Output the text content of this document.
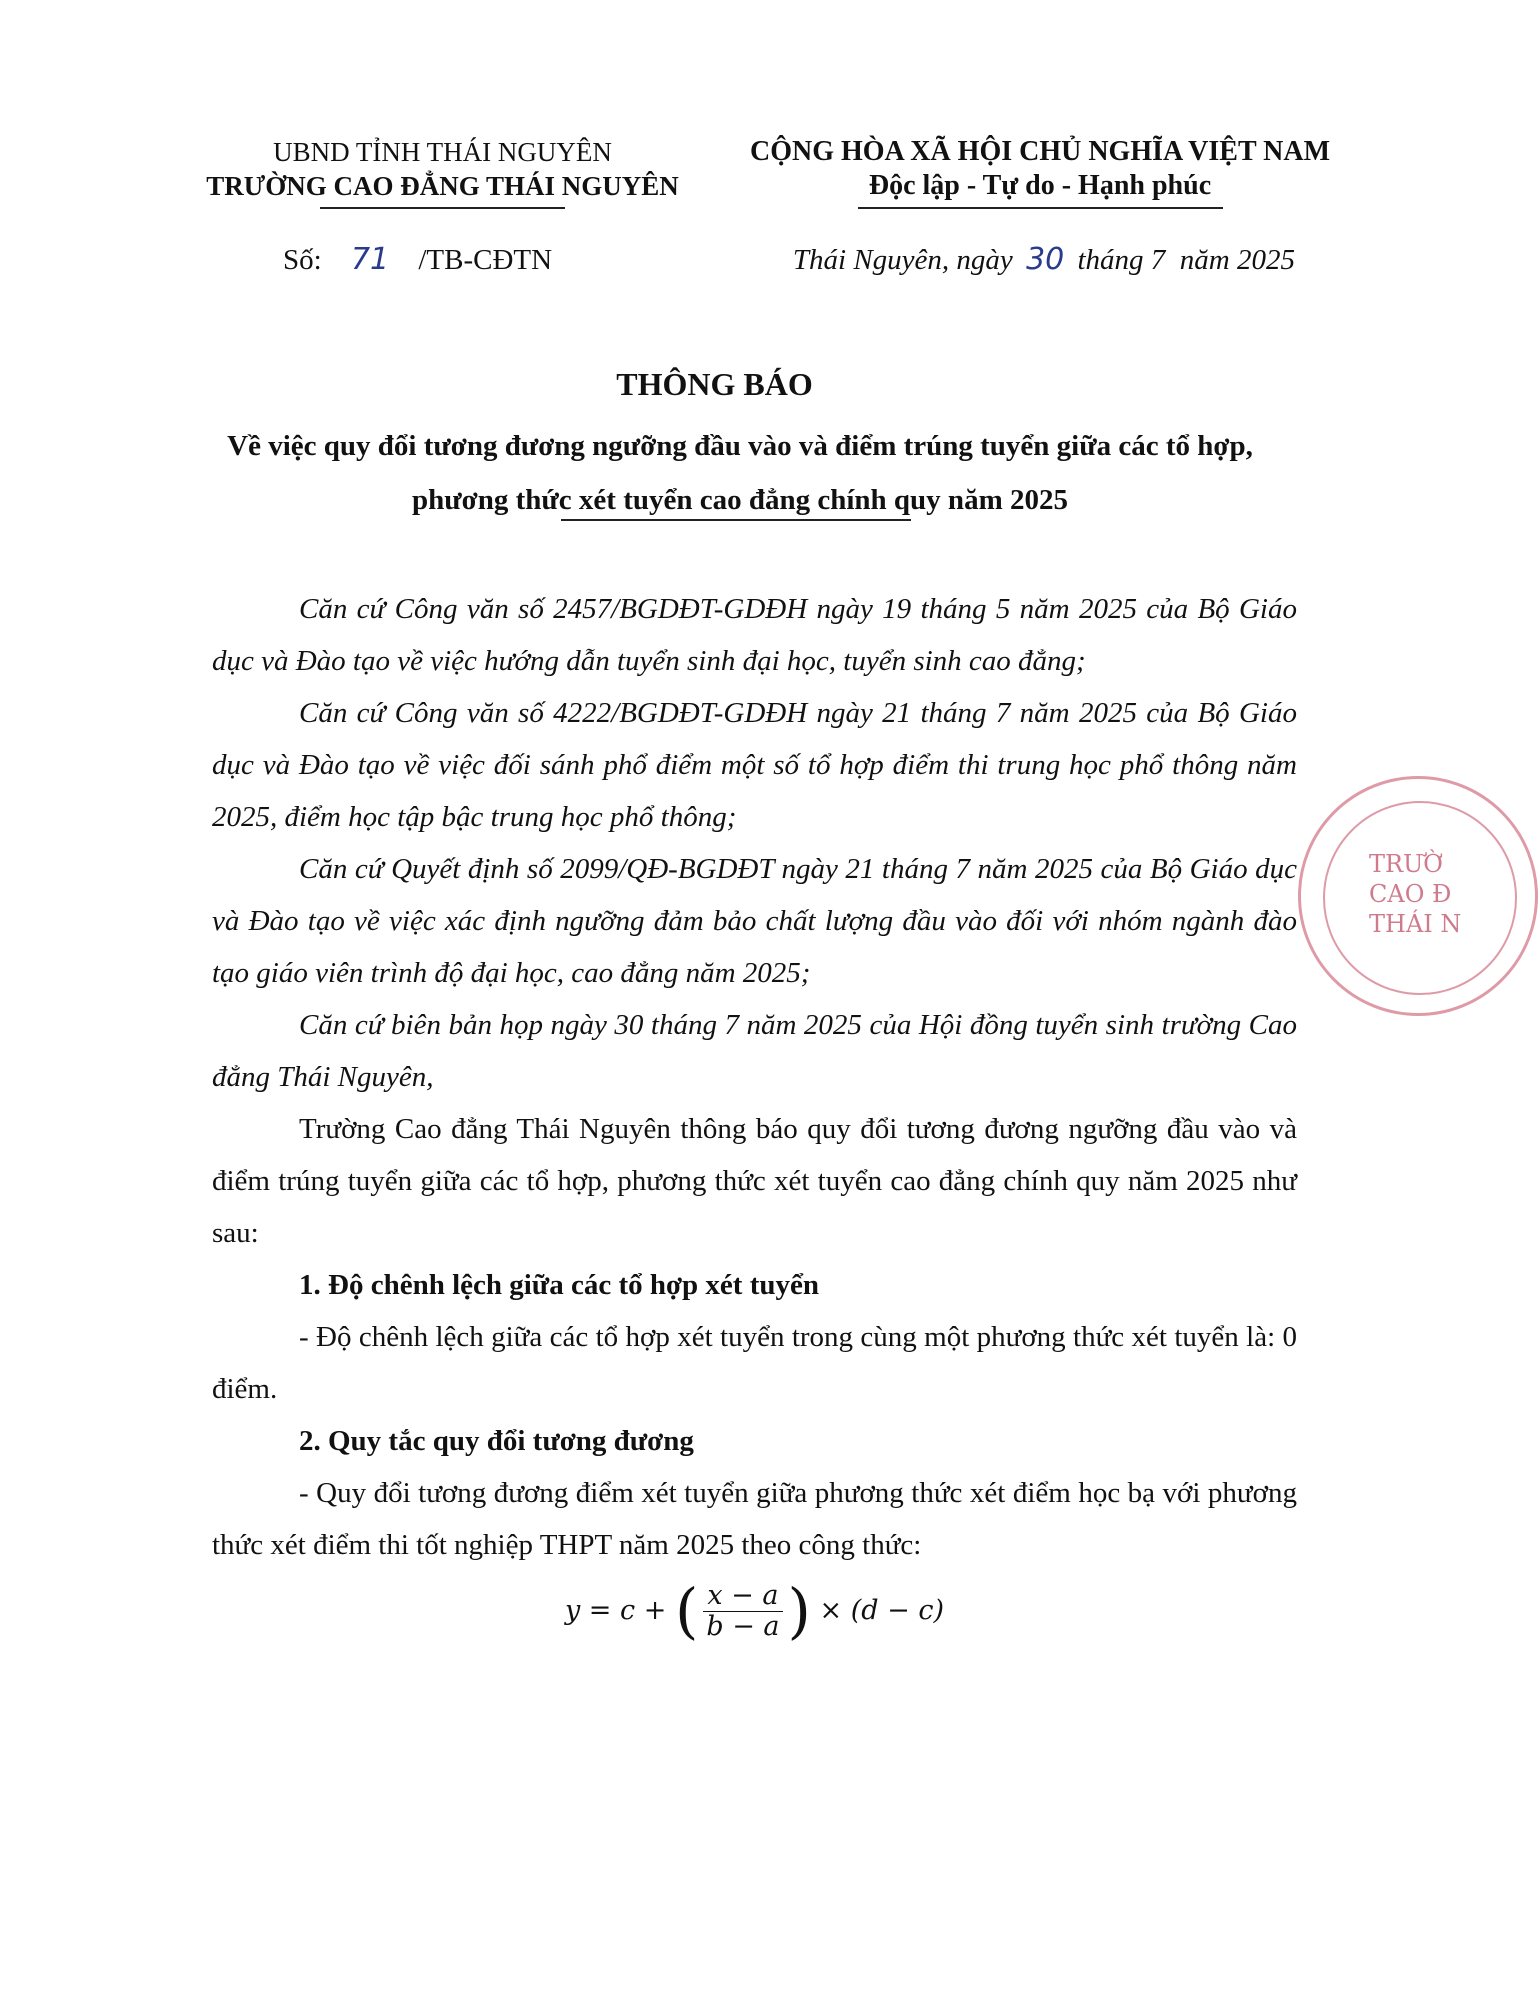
UBND TỈNH THÁI NGUYÊN
TRƯỜNG CAO ĐẲNG THÁI NGUYÊN
CỘNG HÒA XÃ HỘI CHỦ NGHĨA VIỆT NAM
Độc lập - Tự do - Hạnh phúc
Số: 71 /TB-CĐTN	Thái Nguyên, ngày 30 tháng 7  năm 2025
THÔNG BÁO
Về việc quy đổi tương đương ngưỡng đầu vào và điểm trúng tuyển giữa các tổ hợp, phương thức xét tuyển cao đẳng chính quy năm 2025

Căn cứ Công văn số 2457/BGDĐT-GDĐH ngày 19 tháng 5 năm 2025 của Bộ Giáo dục và Đào tạo về việc hướng dẫn tuyển sinh đại học, tuyển sinh cao đẳng;

Căn cứ Công văn số 4222/BGDĐT-GDĐH ngày 21 tháng 7 năm 2025 của Bộ Giáo dục và Đào tạo về việc đối sánh phổ điểm một số tổ hợp điểm thi trung học phổ thông năm 2025, điểm học tập bậc trung học phổ thông;

Căn cứ Quyết định số 2099/QĐ-BGDĐT ngày 21 tháng 7 năm 2025 của Bộ Giáo dục và Đào tạo về việc xác định ngưỡng đảm bảo chất lượng đầu vào đối với nhóm ngành đào tạo giáo viên trình độ đại học, cao đẳng năm 2025;

Căn cứ biên bản họp ngày 30 tháng 7 năm 2025 của Hội đồng tuyển sinh trường Cao đẳng Thái Nguyên,

Trường Cao đẳng Thái Nguyên thông báo quy đổi tương đương ngưỡng đầu vào và điểm trúng tuyển giữa các tổ hợp, phương thức xét tuyển cao đẳng chính quy năm 2025 như sau:

1. Độ chênh lệch giữa các tổ hợp xét tuyển

- Độ chênh lệch giữa các tổ hợp xét tuyển trong cùng một phương thức xét tuyển là: 0 điểm.

2. Quy tắc quy đổi tương đương

- Quy đổi tương đương điểm xét tuyển giữa phương thức xét điểm học bạ với phương thức xét điểm thi tốt nghiệp THPT năm 2025 theo công thức:

y = c + ( $\frac{x - a}{b - a}$ ) × (d − c)
TRƯỜ
CAO Đ
THÁI N
